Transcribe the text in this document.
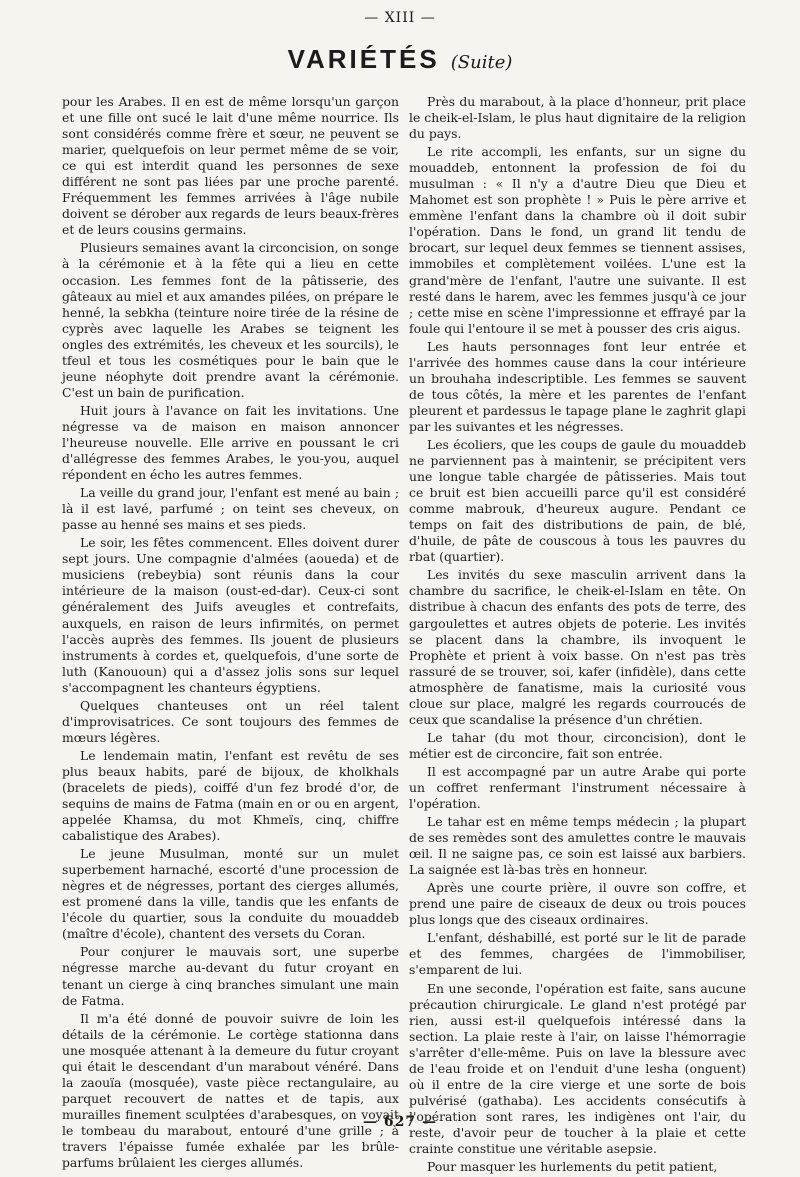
— XIII —
VARIÉTÉS (Suite)

pour les Arabes. Il en est de même lorsqu'un garçon et une fille ont sucé le lait d'une même nourrice. Ils sont considérés comme frère et sœur, ne peuvent se marier, quelquefois on leur permet même de se voir, ce qui est interdit quand les personnes de sexe différent ne sont pas liées par une proche parenté. Fréquemment les femmes arrivées à l'âge nubile doivent se dérober aux regards de leurs beaux-frères et de leurs cousins germains.

Plusieurs semaines avant la circoncision, on songe à la cérémonie et à la fête qui a lieu en cette occasion. Les femmes font de la pâtisserie, des gâteaux au miel et aux amandes pilées, on prépare le henné, la sebkha (teinture noire tirée de la résine de cyprès avec laquelle les Arabes se teignent les ongles des extrémités, les cheveux et les sourcils), le tfeul et tous les cosmétiques pour le bain que le jeune néophyte doit prendre avant la cérémonie. C'est un bain de purification.

Huit jours à l'avance on fait les invitations. Une négresse va de maison en maison annoncer l'heureuse nouvelle. Elle arrive en poussant le cri d'allégresse des femmes Arabes, le you-you, auquel répondent en écho les autres femmes.

La veille du grand jour, l'enfant est mené au bain ; là il est lavé, parfumé ; on teint ses cheveux, on passe au henné ses mains et ses pieds.

Le soir, les fêtes commencent. Elles doivent durer sept jours. Une compagnie d'almées (aoueda) et de musiciens (rebeybia) sont réunis dans la cour intérieure de la maison (oust-ed-dar). Ceux-ci sont généralement des Juifs aveugles et contrefaits, auxquels, en raison de leurs infirmités, on permet l'accès auprès des femmes. Ils jouent de plusieurs instruments à cordes et, quelquefois, d'une sorte de luth (Kanououn) qui a d'assez jolis sons sur lequel s'accompagnent les chanteurs égyptiens.

Quelques chanteuses ont un réel talent d'improvisatrices. Ce sont toujours des femmes de mœurs légères.

Le lendemain matin, l'enfant est revêtu de ses plus beaux habits, paré de bijoux, de kholkhals (bracelets de pieds), coiffé d'un fez brodé d'or, de sequins de mains de Fatma (main en or ou en argent, appelée Khamsa, du mot Khmeïs, cinq, chiffre cabalistique des Arabes).

Le jeune Musulman, monté sur un mulet superbement harnaché, escorté d'une procession de nègres et de négresses, portant des cierges allumés, est promené dans la ville, tandis que les enfants de l'école du quartier, sous la conduite du mouaddeb (maître d'école), chantent des versets du Coran.

Pour conjurer le mauvais sort, une superbe négresse marche au-devant du futur croyant en tenant un cierge à cinq branches simulant une main de Fatma.

Il m'a été donné de pouvoir suivre de loin les détails de la cérémonie. Le cortège stationna dans une mosquée attenant à la demeure du futur croyant qui était le descendant d'un marabout vénéré. Dans la zaouïa (mosquée), vaste pièce rectangulaire, au parquet recouvert de nattes et de tapis, aux murailles finement sculptées d'arabesques, on voyait le tombeau du marabout, entouré d'une grille ; à travers l'épaisse fumée exhalée par les brûle-parfums brûlaient les cierges allumés.

Près du marabout, à la place d'honneur, prit place le cheik-el-Islam, le plus haut dignitaire de la religion du pays.

Le rite accompli, les enfants, sur un signe du mouaddeb, entonnent la profession de foi du musulman : « Il n'y a d'autre Dieu que Dieu et Mahomet est son prophète ! » Puis le père arrive et emmène l'enfant dans la chambre où il doit subir l'opération. Dans le fond, un grand lit tendu de brocart, sur lequel deux femmes se tiennent assises, immobiles et complètement voilées. L'une est la grand'mère de l'enfant, l'autre une suivante. Il est resté dans le harem, avec les femmes jusqu'à ce jour ; cette mise en scène l'impressionne et effrayé par la foule qui l'entoure il se met à pousser des cris aigus.

Les hauts personnages font leur entrée et l'arrivée des hommes cause dans la cour intérieure un brouhaha indescriptible. Les femmes se sauvent de tous côtés, la mère et les parentes de l'enfant pleurent et pardessus le tapage plane le zaghrit glapi par les suivantes et les négresses.

Les écoliers, que les coups de gaule du mouaddeb ne parviennent pas à maintenir, se précipitent vers une longue table chargée de pâtisseries. Mais tout ce bruit est bien accueilli parce qu'il est considéré comme mabrouk, d'heureux augure. Pendant ce temps on fait des distributions de pain, de blé, d'huile, de pâte de couscous à tous les pauvres du rbat (quartier).

Les invités du sexe masculin arrivent dans la chambre du sacrifice, le cheik-el-Islam en tête. On distribue à chacun des enfants des pots de terre, des gargoulettes et autres objets de poterie. Les invités se placent dans la chambre, ils invoquent le Prophète et prient à voix basse. On n'est pas très rassuré de se trouver, soi, kafer (infidèle), dans cette atmosphère de fanatisme, mais la curiosité vous cloue sur place, malgré les regards courroucés de ceux que scandalise la présence d'un chrétien.

Le tahar (du mot thour, circoncision), dont le métier est de circoncire, fait son entrée.

Il est accompagné par un autre Arabe qui porte un coffret renfermant l'instrument nécessaire à l'opération.

Le tahar est en même temps médecin ; la plupart de ses remèdes sont des amulettes contre le mauvais œil. Il ne saigne pas, ce soin est laissé aux barbiers. La saignée est là-bas très en honneur.

Après une courte prière, il ouvre son coffre, et prend une paire de ciseaux de deux ou trois pouces plus longs que des ciseaux ordinaires.

L'enfant, déshabillé, est porté sur le lit de parade et des femmes, chargées de l'immobiliser, s'emparent de lui.

En une seconde, l'opération est faite, sans aucune précaution chirurgicale. Le gland n'est protégé par rien, aussi est-il quelquefois intéressé dans la section. La plaie reste à l'air, on laisse l'hémorragie s'arrêter d'elle-même. Puis on lave la blessure avec de l'eau froide et on l'enduit d'une lesha (onguent) où il entre de la cire vierge et une sorte de bois pulvérisé (gathaba). Les accidents consécutifs à l'opération sont rares, les indigènes ont l'air, du reste, d'avoir peur de toucher à la plaie et cette crainte constitue une véritable asepsie.

Pour masquer les hurlements du petit patient,

— 627 —
